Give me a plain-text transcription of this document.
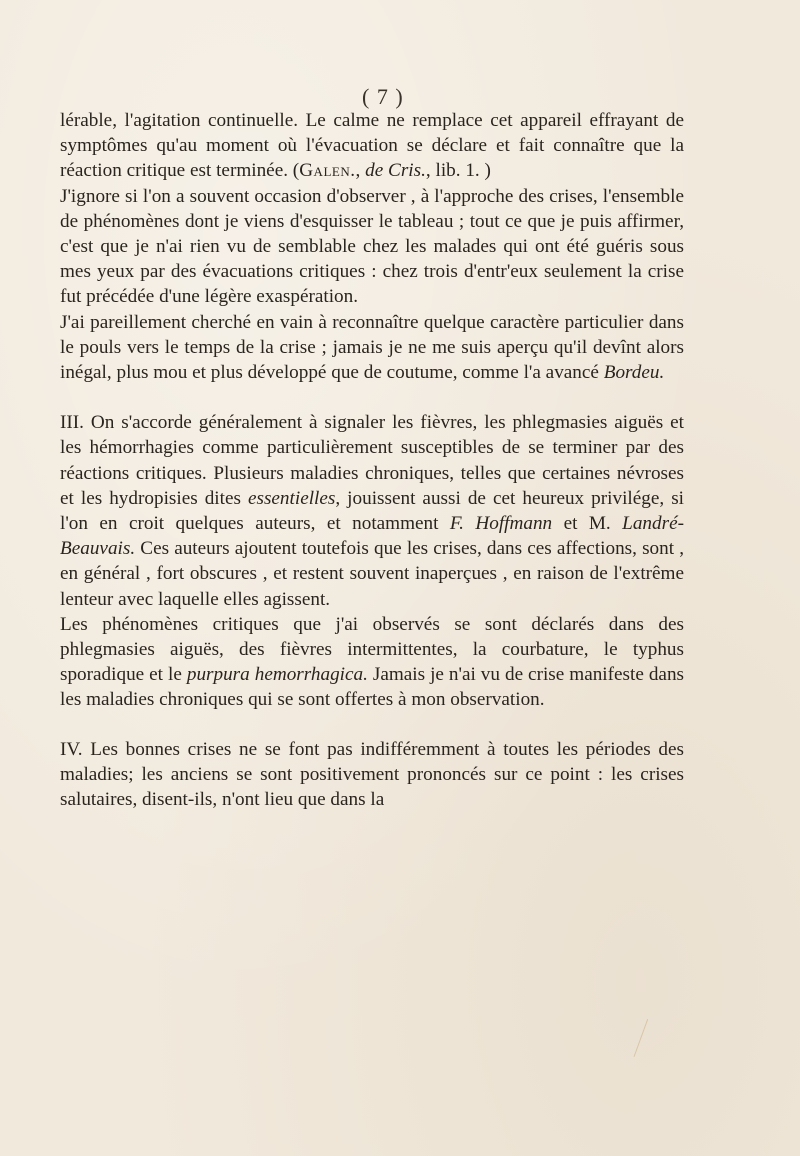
( 7 )

lérable, l'agitation continuelle. Le calme ne remplace cet appareil effrayant de symptômes qu'au moment où l'évacuation se déclare et fait connaître que la réaction critique est terminée. (Galen., de Cris., lib. 1. )

J'ignore si l'on a souvent occasion d'observer , à l'approche des crises, l'ensemble de phénomènes dont je viens d'esquisser le tableau ; tout ce que je puis affirmer, c'est que je n'ai rien vu de semblable chez les malades qui ont été guéris sous mes yeux par des évacuations critiques : chez trois d'entr'eux seulement la crise fut précédée d'une légère exaspération.

J'ai pareillement cherché en vain à reconnaître quelque caractère particulier dans le pouls vers le temps de la crise ; jamais je ne me suis aperçu qu'il devînt alors inégal, plus mou et plus développé que de coutume, comme l'a avancé Bordeu.

III. On s'accorde généralement à signaler les fièvres, les phlegmasies aiguës et les hémorrhagies comme particulièrement susceptibles de se terminer par des réactions critiques. Plusieurs maladies chroniques, telles que certaines névroses et les hydropisies dites essentielles, jouissent aussi de cet heureux privilége, si l'on en croit quelques auteurs, et notamment F. Hoffmann et M. Landré-Beauvais. Ces auteurs ajoutent toutefois que les crises, dans ces affections, sont , en général , fort obscures , et restent souvent inaperçues , en raison de l'extrême lenteur avec laquelle elles agissent.

Les phénomènes critiques que j'ai observés se sont déclarés dans des phlegmasies aiguës, des fièvres intermittentes, la courbature, le typhus sporadique et le purpura hemorrhagica. Jamais je n'ai vu de crise manifeste dans les maladies chroniques qui se sont offertes à mon observation.

IV. Les bonnes crises ne se font pas indifféremment à toutes les périodes des maladies; les anciens se sont positivement prononcés sur ce point : les crises salutaires, disent-ils, n'ont lieu que dans la
